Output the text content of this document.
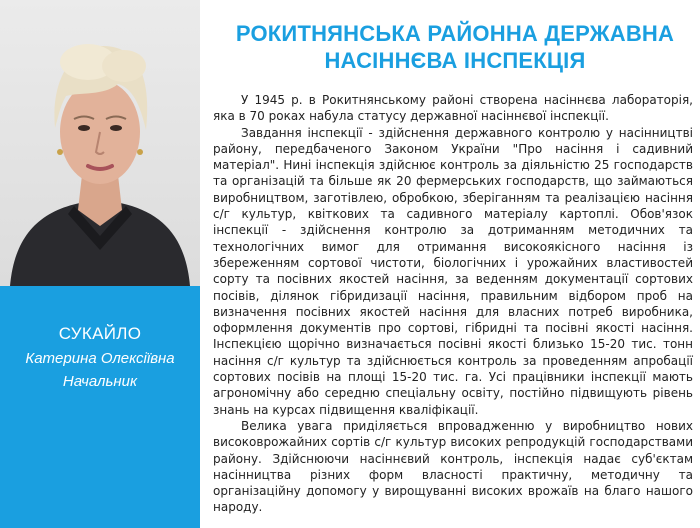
СУКАЙЛО
Катерина Олексіївна
Начальник
РОКИТНЯНСЬКА РАЙОННА ДЕРЖАВНА
НАСІННЄВА ІНСПЕКЦІЯ

У 1945 р. в Рокитнянському районі створена насіннєва лабораторія, яка в 70 роках набула статусу державної насіннєвої інспекції.

Завдання інспекції - здійснення державного контролю у насінництві району, передбаченого Законом України "Про насіння і садивний матеріал". Нині інспекція здійснює контроль за діяльністю 25 господарств та організацій та більше як 20 фермерських господарств, що займаються виробництвом, заготівлею, обробкою, зберіганням та реалізацією насіння с/г культур, квіткових та садивного матеріалу картоплі. Обов'язок інспекції - здійснення контролю за дотриманням методичних та технологічних вимог для отримання високоякісного насіння із збереженням сортової чистоти, біологічних і урожайних властивостей сорту та посівних якостей насіння, за веденням документації сортових посівів, ділянок гібридизації насіння, правильним відбором проб на визначення посівних якостей насіння для власних потреб виробника, оформлення документів про сортові, гібридні та посівні якості насіння. Інспекцією щорічно визначається посівні якості близько 15-20 тис. тонн насіння с/г культур та здійснюється контроль за проведенням апробації сортових посівів на площі 15-20 тис. га. Усі працівники інспекції мають агрономічну або середню спеціальну освіту, постійно підвищують рівень знань на курсах підвищення кваліфікації.

Велика увага приділяється впровадженню у виробництво нових високоврожайних сортів с/г культур високих репродукцій господарствами району. Здійснюючи насіннєвий контроль, інспекція надає суб'єктам насінництва різних форм власності практичну, методичну та організаційну допомогу у вирощуванні високих врожаїв на благо нашого народу.
